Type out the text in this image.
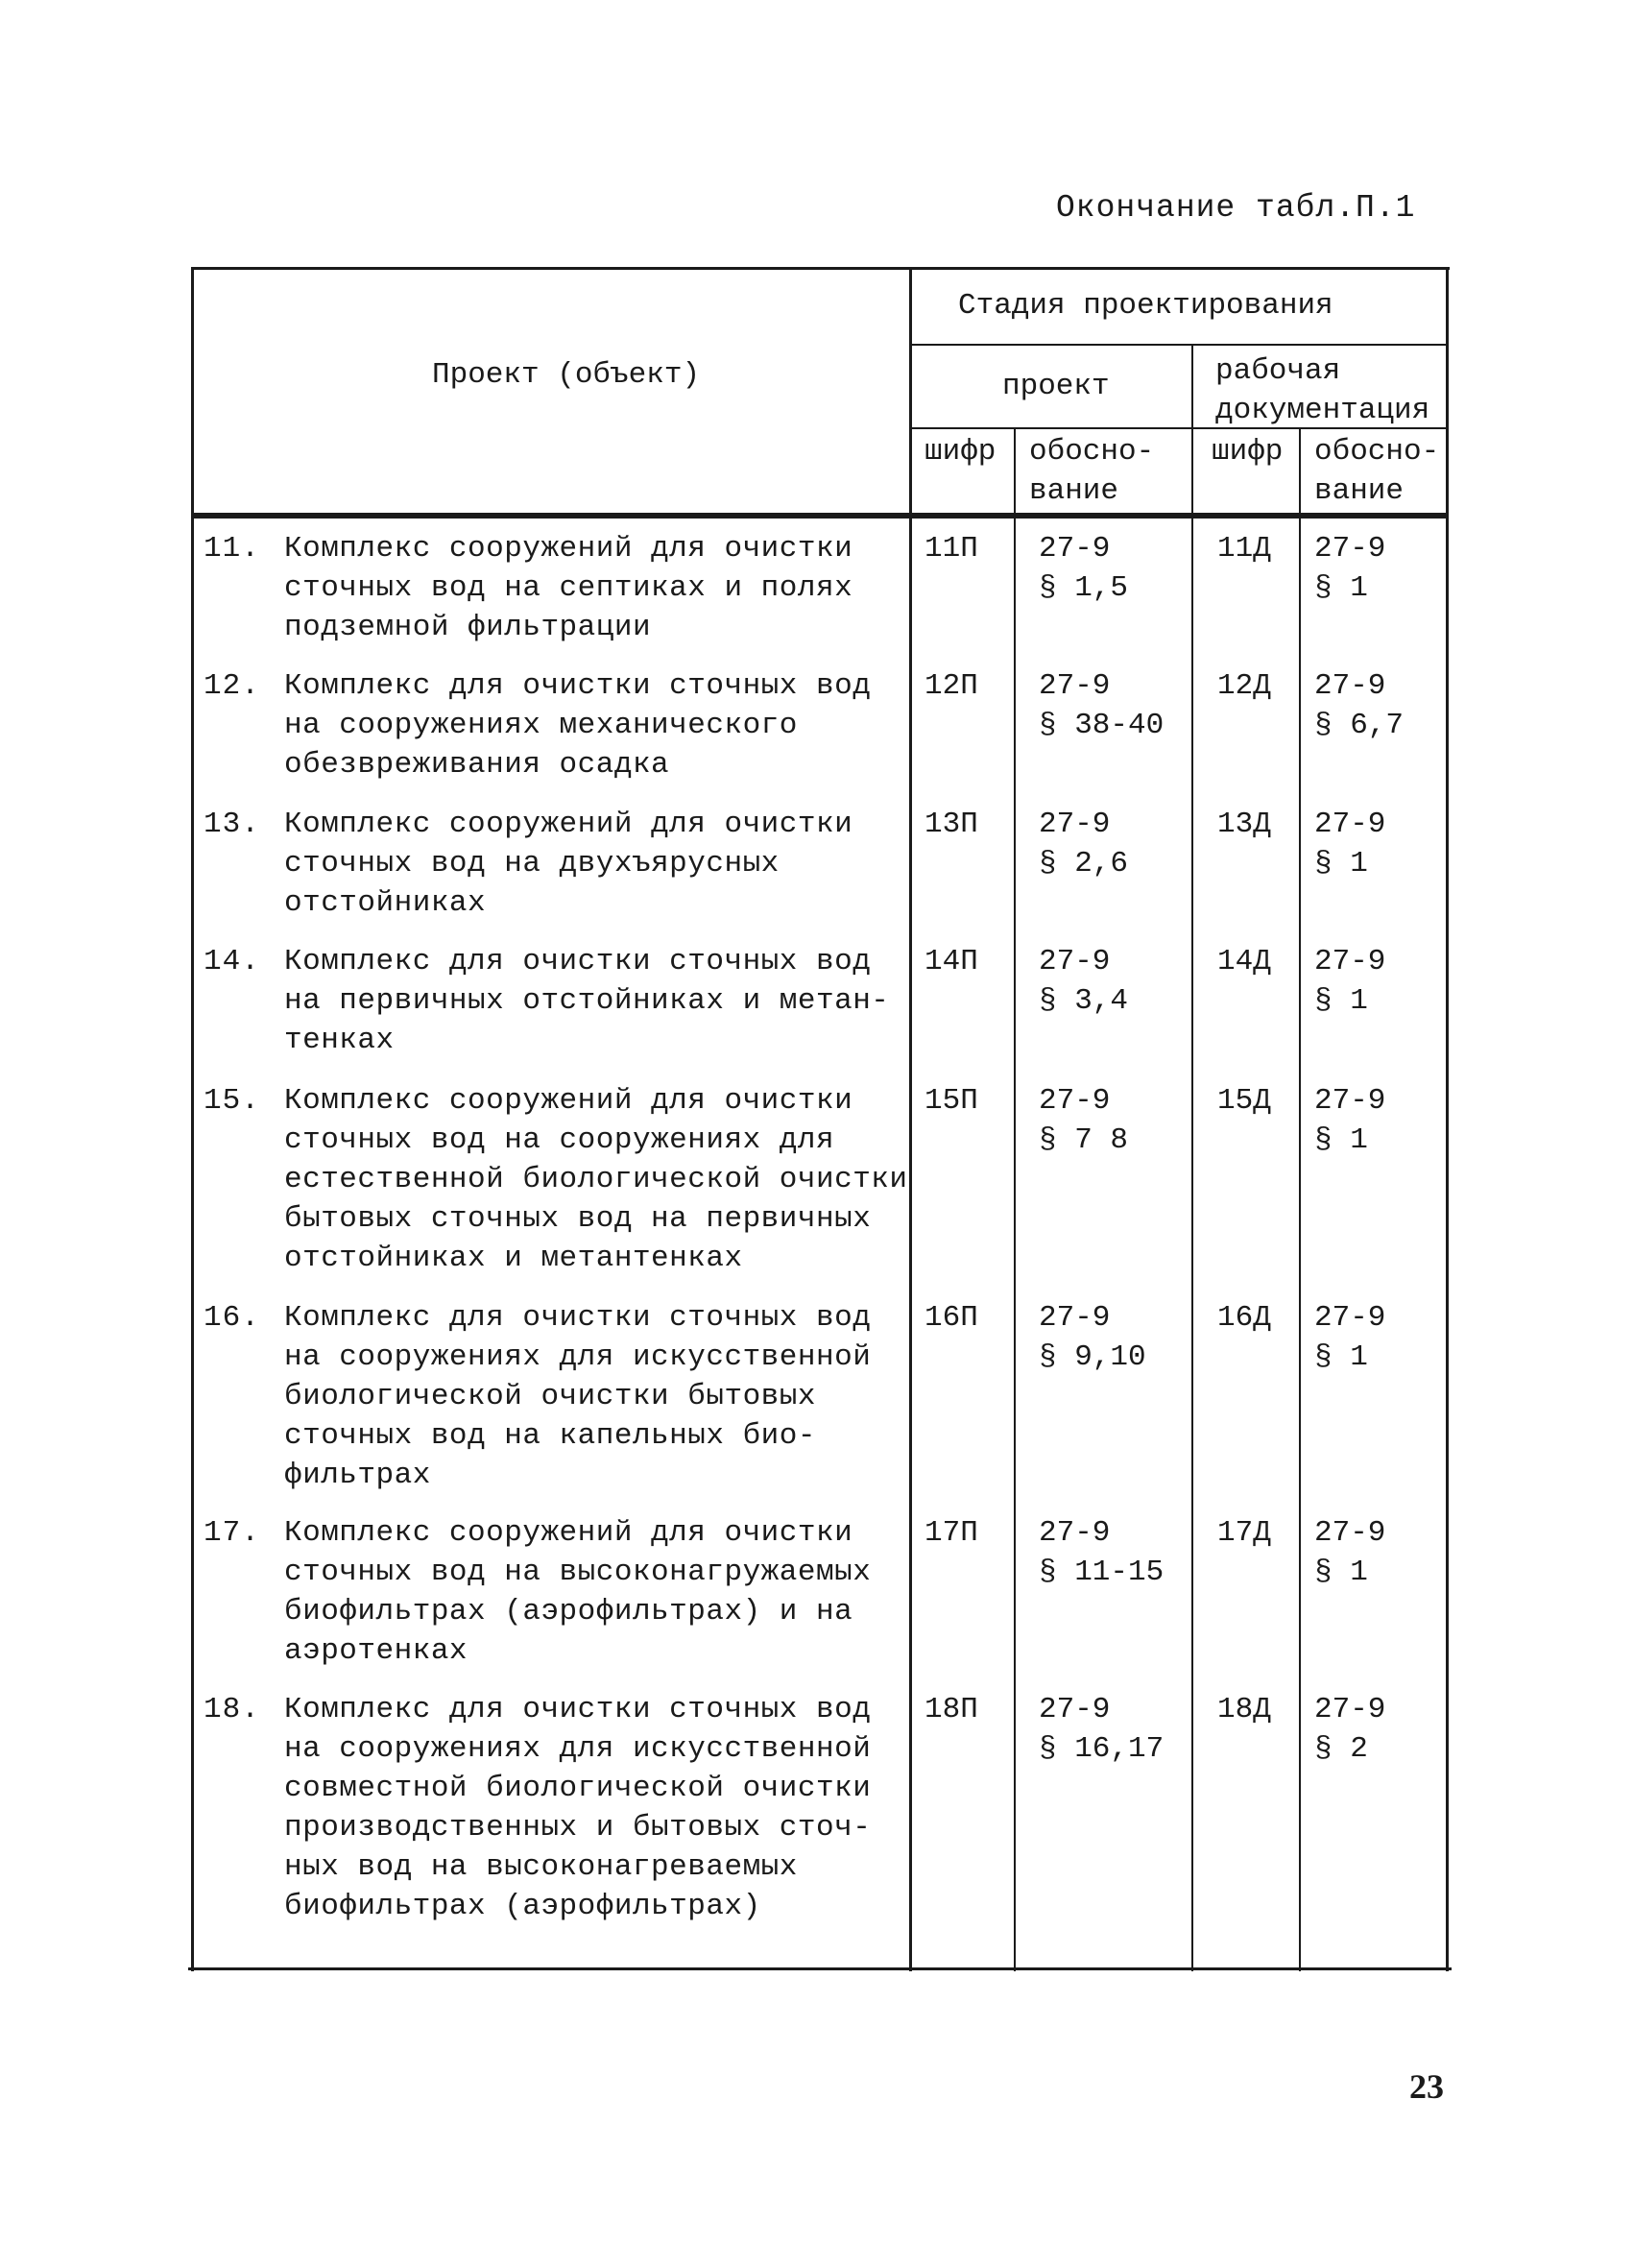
Окончание табл.П.1
Проект (объект)
Стадия проектирования
проект	рабочая
документация
шифр обосно-
вание
шифр обосно-
вание
11. Комплекс сооружений для очистки
сточных вод на септиках и полях
подземной фильтрации
11П 27-9
§ 1,5
11Д 27-9
§ 1
12. Комплекс для очистки сточных вод
на сооружениях механического
обезвреживания осадка
12П 27-9
§ 38-40
12Д 27-9
§ 6,7
13. Комплекс сооружений для очистки
сточных вод на двухъярусных
отстойниках
13П 27-9
§ 2,6
13Д 27-9
§ 1
14. Комплекс для очистки сточных вод
на первичных отстойниках и метан-
тенках
14П 27-9
§ 3,4
14Д 27-9
§ 1
15. Комплекс сооружений для очистки
сточных вод на сооружениях для
естественной биологической очистки
бытовых сточных вод на первичных
отстойниках и метантенках
15П 27-9
§ 7 8
15Д 27-9
§ 1
16. Комплекс для очистки сточных вод
на сооружениях для искусственной
биологической очистки бытовых
сточных вод на капельных био-
фильтрах
16П 27-9
§ 9,10
16Д 27-9
§ 1
17. Комплекс сооружений для очистки
сточных вод на высоконагружаемых
биофильтрах (аэрофильтрах) и на
аэротенках
17П 27-9
§ 11-15
17Д 27-9
§ 1
18. Комплекс для очистки сточных вод
на сооружениях для искусственной
совместной биологической очистки
производственных и бытовых сточ-
ных вод на высоконагреваемых
биофильтрах (аэрофильтрах)
18П 27-9
§ 16,17
18Д 27-9
§ 2
23
